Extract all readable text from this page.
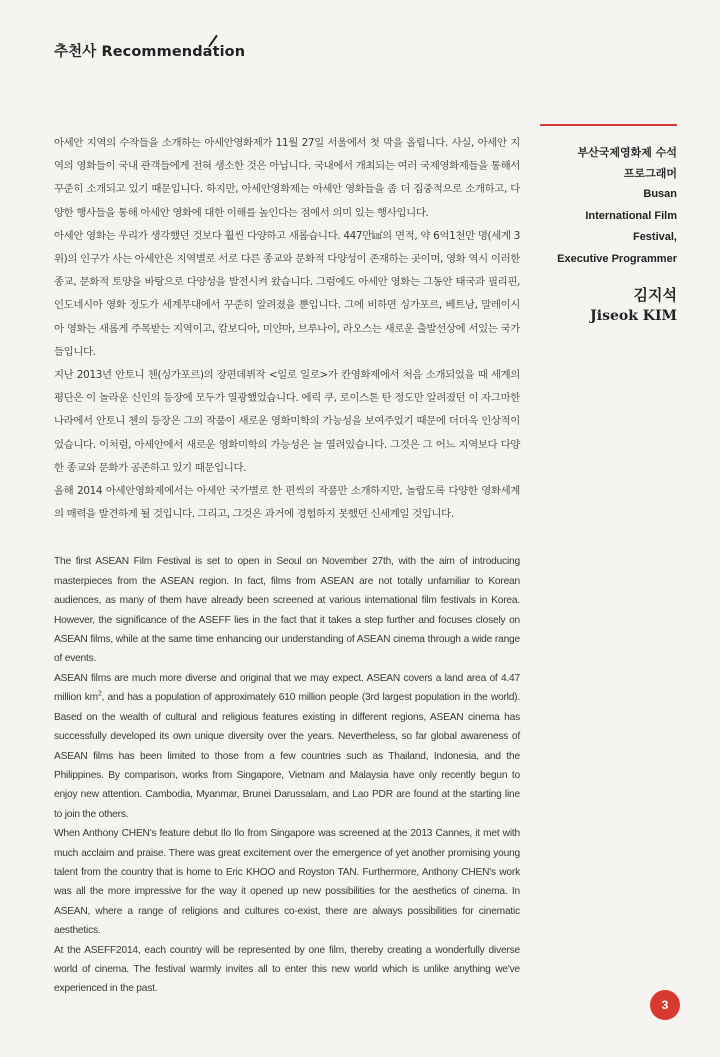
추천사 Recommendation

아세안 지역의 수작들을 소개하는 아세안영화제가 11월 27일 서울에서 첫 막을 올립니다. 사실, 아세안 지역의 영화들이 국내 관객들에게 전혀 생소한 것은 아닙니다. 국내에서 개최되는 여러 국제영화제들을 통해서 꾸준히 소개되고 있기 때문입니다. 하지만, 아세안영화제는 아세안 영화들을 좀 더 집중적으로 소개하고, 다양한 행사들을 통해 아세안 영화에 대한 이해를 높인다는 점에서 의미 있는 행사입니다.

아세안 영화는 우리가 생각했던 것보다 훨씬 다양하고 새롭습니다. 447만㎢의 면적, 약 6억1천만 명(세계 3위)의 인구가 사는 아세안은 지역별로 서로 다른 종교와 문화적 다양성이 존재하는 곳이며, 영화 역시 이러한 종교, 문화적 토양을 바탕으로 다양성을 발전시켜 왔습니다. 그럼에도 아세안 영화는 그동안 태국과 필리핀, 인도네시아 영화 정도가 세계무대에서 꾸준히 알려졌을 뿐입니다. 그에 비하면 싱가포르, 베트남, 말레이시아 영화는 새롭게 주목받는 지역이고, 캄보디아, 미얀마, 브루나이, 라오스는 새로운 출발선상에 서있는 국가들입니다.

지난 2013년 안토니 첸(싱가포르)의 장편데뷔작 <일로 일로>가 칸영화제에서 처음 소개되었을 때 세계의 평단은 이 놀라운 신인의 등장에 모두가 열광했었습니다. 에릭 쿠, 로이스톤 탄 정도만 알려졌던 이 자그마한 나라에서 안토니 첸의 등장은 그의 작품이 새로운 영화미학의 가능성을 보여주었기 때문에 더더욱 인상적이었습니다. 이처럼, 아세안에서 새로운 영화미학의 가능성은 늘 열려있습니다. 그것은 그 어느 지역보다 다양한 종교와 문화가 공존하고 있기 때문입니다.

올해 2014 아세안영화제에서는 아세안 국가별로 한 편씩의 작품만 소개하지만, 놀랍도록 다양한 영화세계의 매력을 발견하게 될 것입니다. 그리고, 그것은 과거에 경험하지 못했던 신세계일 것입니다.

The first ASEAN Film Festival is set to open in Seoul on November 27th, with the aim of introducing masterpieces from the ASEAN region. In fact, films from ASEAN are not totally unfamiliar to Korean audiences, as many of them have already been screened at various international film festivals in Korea. However, the significance of the ASEFF lies in the fact that it takes a step further and focuses closely on ASEAN films, while at the same time enhancing our understanding of ASEAN cinema through a wide range of events.

ASEAN films are much more diverse and original that we may expect. ASEAN covers a land area of 4.47 million $km^2$, and has a population of approximately 610 million people (3rd largest population in the world). Based on the wealth of cultural and religious features existing in different regions, ASEAN cinema has successfully developed its own unique diversity over the years. Nevertheless, so far global awareness of ASEAN films has been limited to those from a few countries such as Thailand, Indonesia, and the Philippines. By comparison, works from Singapore, Vietnam and Malaysia have only recently begun to enjoy new attention. Cambodia, Myanmar, Brunei Darussalam, and Lao PDR are found at the starting line to join the others.

When Anthony CHEN's feature debut Ilo Ilo from Singapore was screened at the 2013 Cannes, it met with much acclaim and praise. There was great excitement over the emergence of yet another promising young talent from the country that is home to Eric KHOO and Royston TAN. Furthermore, Anthony CHEN's work was all the more impressive for the way it opened up new possibilities for the aesthetics of cinema. In ASEAN, where a range of religions and cultures co-exist, there are always possibilities for cinematic aesthetics.

At the ASEFF2014, each country will be represented by one film, thereby creating a wonderfully diverse world of cinema. The festival warmly invites all to enter this new world which is unlike anything we've experienced in the past.

부산국제영화제 수석
프로그래머
Busan
International Film Festival,
Executive Programmer
김지석
Jiseok KIM
3
